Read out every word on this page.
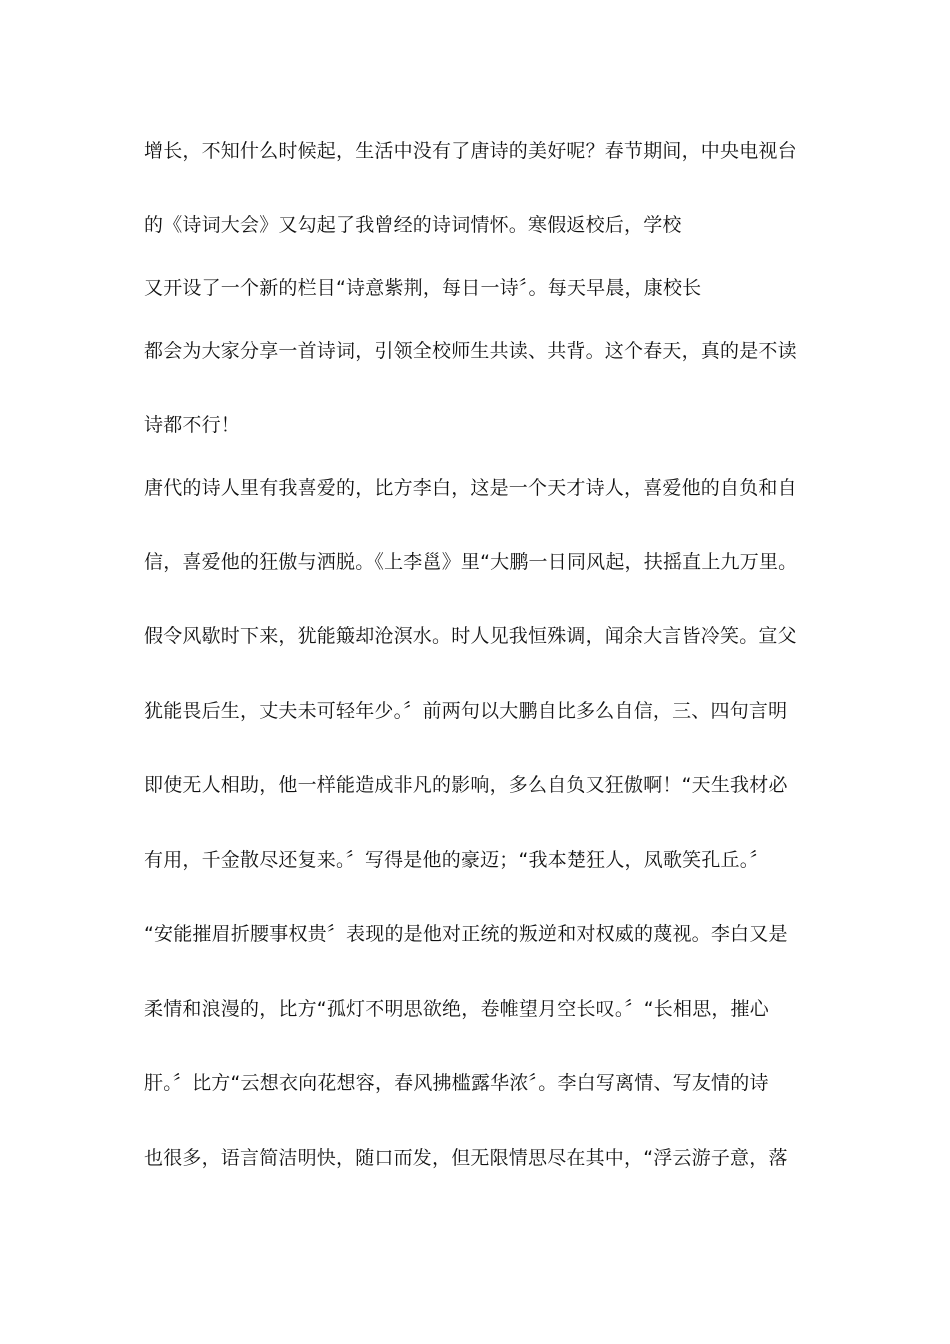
增长，不知什么时候起，生活中没有了唐诗的美好呢？春节期间，中央电视台
的《诗词大会》又勾起了我曾经的诗词情怀。寒假返校后，学校
又开设了一个新的栏目“诗意紫荆，每日一诗〞。每天早晨，康校长
都会为大家分享一首诗词，引领全校师生共读、共背。这个春天，真的是不读
诗都不行！
唐代的诗人里有我喜爱的，比方李白，这是一个天才诗人，喜爱他的自负和自
信，喜爱他的狂傲与洒脱。《上李邕》里“大鹏一日同风起，扶摇直上九万里。
假令风歇时下来，犹能簸却沧溟水。时人见我恒殊调，闻余大言皆冷笑。宣父
犹能畏后生，丈夫未可轻年少。〞前两句以大鹏自比多么自信，三、四句言明
即使无人相助，他一样能造成非凡的影响，多么自负又狂傲啊！“天生我材必
有用，千金散尽还复来。〞写得是他的豪迈；“我本楚狂人，凤歌笑孔丘。〞
“安能摧眉折腰事权贵〞表现的是他对正统的叛逆和对权威的蔑视。李白又是
柔情和浪漫的，比方“孤灯不明思欲绝，卷帷望月空长叹。〞“长相思，摧心
肝。〞比方“云想衣向花想容，春风拂槛露华浓〞。李白写离情、写友情的诗
也很多，语言简洁明快，随口而发，但无限情思尽在其中，“浮云游子意，落
